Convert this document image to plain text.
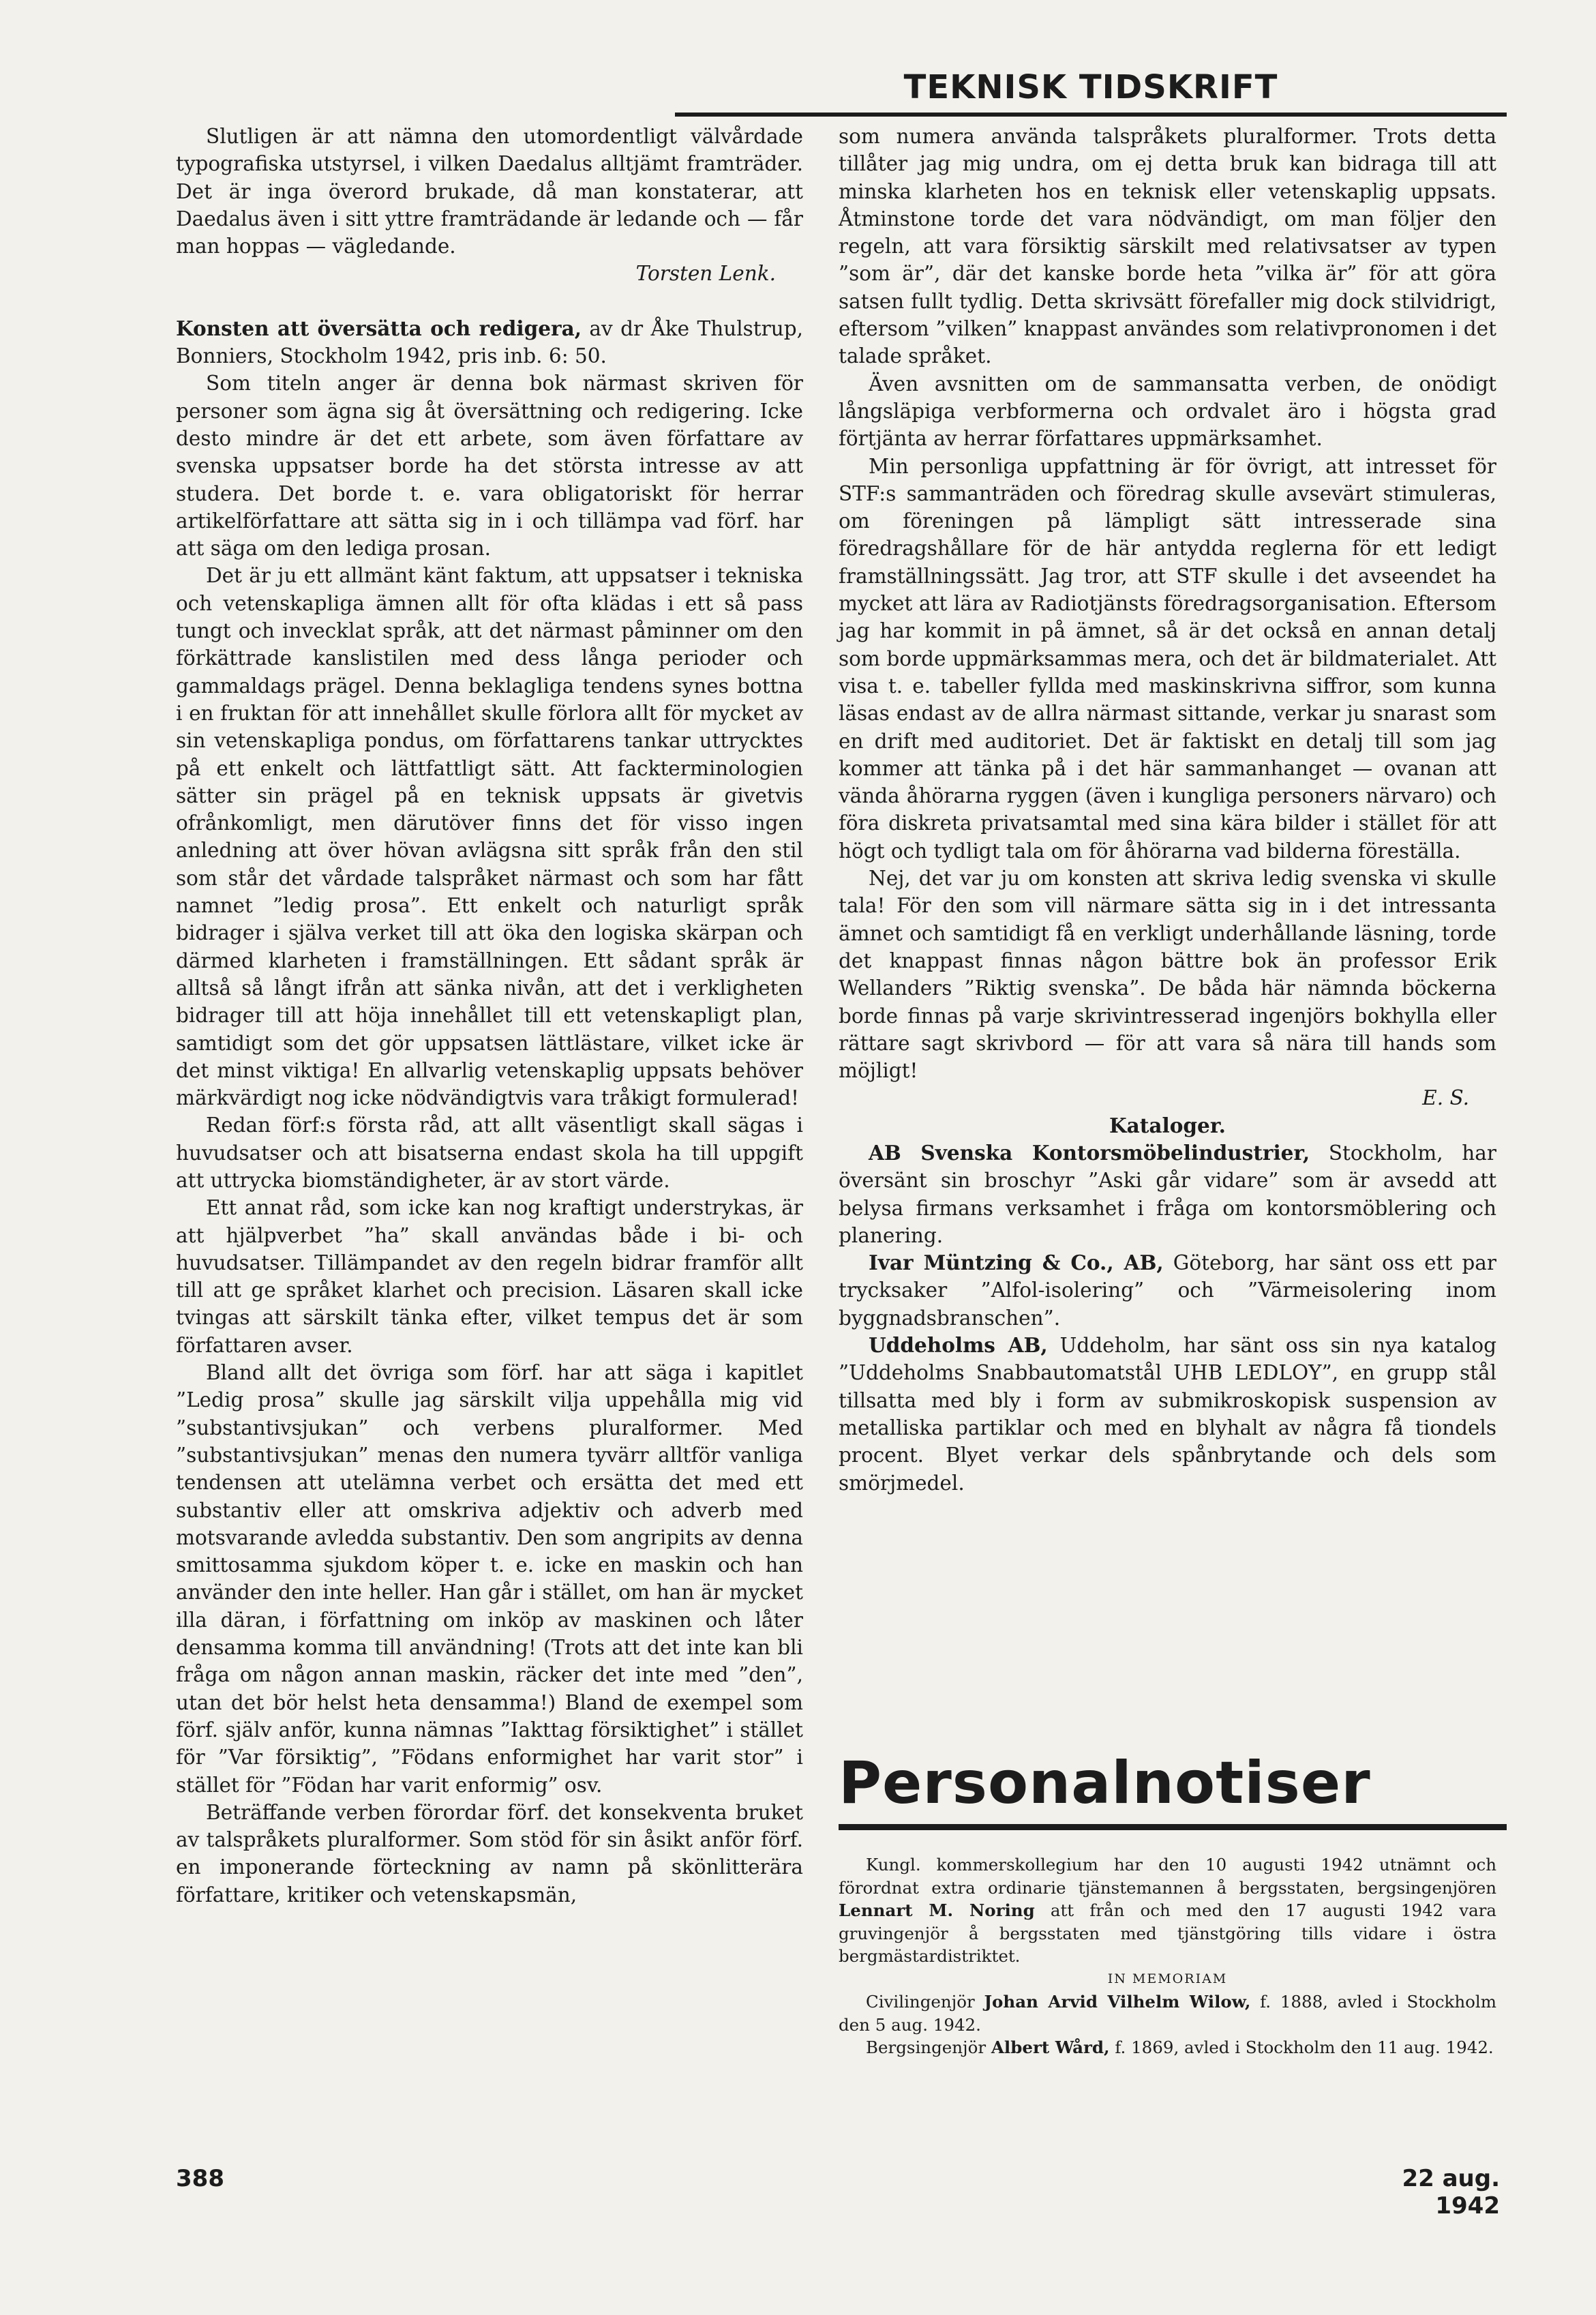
TEKNISK TIDSKRIFT

Slutligen är att nämna den utomordentligt välvårdade typografiska utstyrsel, i vilken Daedalus alltjämt framträder. Det är inga överord brukade, då man konstaterar, att Daedalus även i sitt yttre framträdande är ledande och — får man hoppas — vägledande.

Torsten Lenk.

Konsten att översätta och redigera, av dr Åke Thulstrup, Bonniers, Stockholm 1942, pris inb. 6: 50.

Som titeln anger är denna bok närmast skriven för personer som ägna sig åt översättning och redigering. Icke desto mindre är det ett arbete, som även författare av svenska uppsatser borde ha det största intresse av att studera. Det borde t. e. vara obligatoriskt för herrar artikelförfattare att sätta sig in i och tillämpa vad förf. har att säga om den lediga prosan.

Det är ju ett allmänt känt faktum, att uppsatser i tekniska och vetenskapliga ämnen allt för ofta klädas i ett så pass tungt och invecklat språk, att det närmast påminner om den förkättrade kanslistilen med dess långa perioder och gammaldags prägel. Denna beklagliga tendens synes bottna i en fruktan för att innehållet skulle förlora allt för mycket av sin vetenskapliga pondus, om författarens tankar uttrycktes på ett enkelt och lättfattligt sätt. Att fackterminologien sätter sin prägel på en teknisk uppsats är givetvis ofrånkomligt, men därutöver finns det för visso ingen anledning att över hövan avlägsna sitt språk från den stil som står det vårdade talspråket närmast och som har fått namnet ”ledig prosa”. Ett enkelt och naturligt språk bidrager i själva verket till att öka den logiska skärpan och därmed klarheten i framställningen. Ett sådant språk är alltså så långt ifrån att sänka nivån, att det i verkligheten bidrager till att höja innehållet till ett vetenskapligt plan, samtidigt som det gör uppsatsen lättlästare, vilket icke är det minst viktiga! En allvarlig vetenskaplig uppsats behöver märkvärdigt nog icke nödvändigtvis vara tråkigt formulerad!

Redan förf:s första råd, att allt väsentligt skall sägas i huvudsatser och att bisatserna endast skola ha till uppgift att uttrycka biomständigheter, är av stort värde.

Ett annat råd, som icke kan nog kraftigt understrykas, är att hjälpverbet ”ha” skall användas både i bi- och huvudsatser. Tillämpandet av den regeln bidrar framför allt till att ge språket klarhet och precision. Läsaren skall icke tvingas att särskilt tänka efter, vilket tempus det är som författaren avser.

Bland allt det övriga som förf. har att säga i kapitlet ”Ledig prosa” skulle jag särskilt vilja uppehålla mig vid ”substantivsjukan” och verbens pluralformer. Med ”substantivsjukan” menas den numera tyvärr alltför vanliga tendensen att utelämna verbet och ersätta det med ett substantiv eller att omskriva adjektiv och adverb med motsvarande avledda substantiv. Den som angripits av denna smittosamma sjukdom köper t. e. icke en maskin och han använder den inte heller. Han går i stället, om han är mycket illa däran, i författning om inköp av maskinen och låter densamma komma till användning! (Trots att det inte kan bli fråga om någon annan maskin, räcker det inte med ”den”, utan det bör helst heta densamma!) Bland de exempel som förf. själv anför, kunna nämnas ”Iakttag försiktighet” i stället för ”Var försiktig”, ”Födans enformighet har varit stor” i stället för ”Födan har varit enformig” osv.

Beträffande verben förordar förf. det konsekventa bruket av talspråkets pluralformer. Som stöd för sin åsikt anför förf. en imponerande förteckning av namn på skönlitterära författare, kritiker och vetenskapsmän,

som numera använda talspråkets pluralformer. Trots detta tillåter jag mig undra, om ej detta bruk kan bidraga till att minska klarheten hos en teknisk eller vetenskaplig uppsats. Åtminstone torde det vara nödvändigt, om man följer den regeln, att vara försiktig särskilt med relativsatser av typen ”som är”, där det kanske borde heta ”vilka är” för att göra satsen fullt tydlig. Detta skrivsätt förefaller mig dock stilvidrigt, eftersom ”vilken” knappast användes som relativpronomen i det talade språket.

Även avsnitten om de sammansatta verben, de onödigt långsläpiga verbformerna och ordvalet äro i högsta grad förtjänta av herrar författares uppmärksamhet.

Min personliga uppfattning är för övrigt, att intresset för STF:s sammanträden och föredrag skulle avsevärt stimuleras, om föreningen på lämpligt sätt intresserade sina föredragshållare för de här antydda reglerna för ett ledigt framställningssätt. Jag tror, att STF skulle i det avseendet ha mycket att lära av Radiotjänsts föredragsorganisation. Eftersom jag har kommit in på ämnet, så är det också en annan detalj som borde uppmärksammas mera, och det är bildmaterialet. Att visa t. e. tabeller fyllda med maskinskrivna siffror, som kunna läsas endast av de allra närmast sittande, verkar ju snarast som en drift med auditoriet. Det är faktiskt en detalj till som jag kommer att tänka på i det här sammanhanget — ovanan att vända åhörarna ryggen (även i kungliga personers närvaro) och föra diskreta privatsamtal med sina kära bilder i stället för att högt och tydligt tala om för åhörarna vad bilderna föreställa.

Nej, det var ju om konsten att skriva ledig svenska vi skulle tala! För den som vill närmare sätta sig in i det intressanta ämnet och samtidigt få en verkligt underhållande läsning, torde det knappast finnas någon bättre bok än professor Erik Wellanders ”Riktig svenska”. De båda här nämnda böckerna borde finnas på varje skrivintresserad ingenjörs bokhylla eller rättare sagt skrivbord — för att vara så nära till hands som möjligt!

E. S.

Kataloger.

AB Svenska Kontorsmöbelindustrier, Stockholm, har översänt sin broschyr ”Aski går vidare” som är avsedd att belysa firmans verksamhet i fråga om kontorsmöblering och planering.

Ivar Müntzing & Co., AB, Göteborg, har sänt oss ett par trycksaker ”Alfol-isolering” och ”Värmeisolering inom byggnadsbranschen”.

Uddeholms AB, Uddeholm, har sänt oss sin nya katalog ”Uddeholms Snabbautomatstål UHB LEDLOY”, en grupp stål tillsatta med bly i form av submikroskopisk suspension av metalliska partiklar och med en blyhalt av några få tiondels procent. Blyet verkar dels spånbrytande och dels som smörjmedel.

Personalnotiser

Kungl. kommerskollegium har den 10 augusti 1942 utnämnt och förordnat extra ordinarie tjänstemannen å bergsstaten, bergsingenjören Lennart M. Noring att från och med den 17 augusti 1942 vara gruvingenjör å bergsstaten med tjänstgöring tills vidare i östra bergmästardistriktet.

IN MEMORIAM

Civilingenjör Johan Arvid Vilhelm Wilow, f. 1888, avled i Stockholm den 5 aug. 1942.

Bergsingenjör Albert Wård, f. 1869, avled i Stockholm den 11 aug. 1942.

388	22 aug. 1942
